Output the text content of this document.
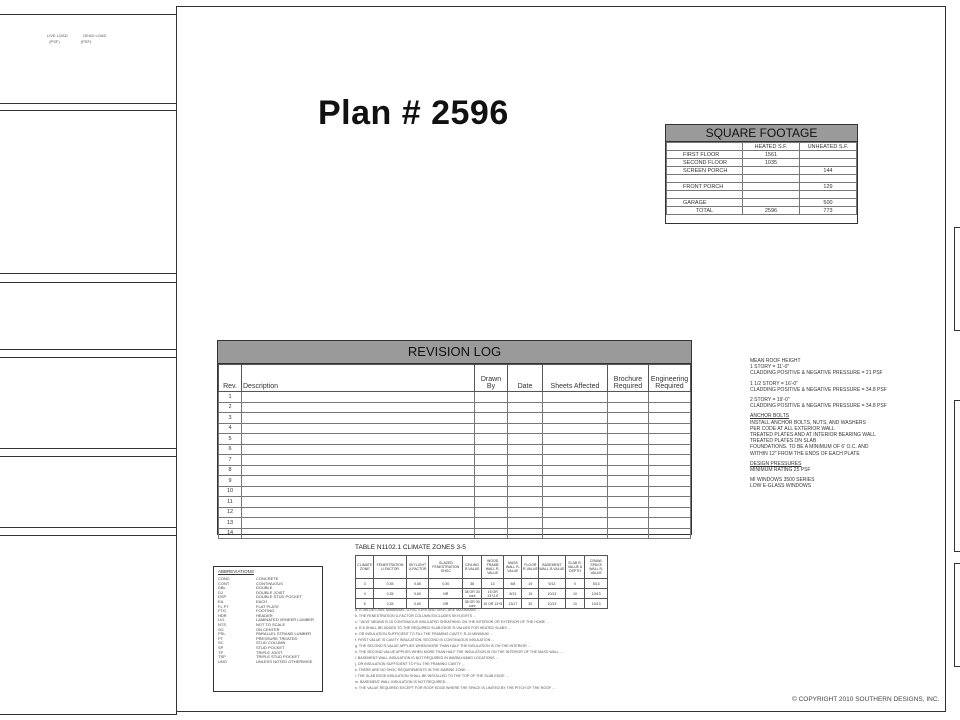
LIVE LOAD              DEAD LOAD
(PSF)                   (PSF)
Plan # 2596
SQUARE FOOTAGE
	HEATED S.F.	UNHEATED S.F.
FIRST FLOOR	1561	
SECOND FLOOR	1035	
SCREEN PORCH		144

FRONT PORCH		129

GARAGE		500
TOTAL	2596	773
REVISION LOG
Rev.	Description	Drawn By	Date	Sheets Affected	Brochure Required	Engineering Required
1						
2						
3						
4						
5						
6						
7						
8						
9						
10						
11						
12						
13						
14						
MEAN ROOF HEIGHT
1 STORY = 11'-0"
CLADDING POSITIVE & NEGATIVE PRESSURE = 21 PSF
1 1/2 STORY = 16'-0"
CLADDING POSITIVE & NEGATIVE PRESSURE = 34.8 PSF
2 STORY = 19'-0"
CLADDING POSITIVE & NEGATIVE PRESSURE = 34.8 PSF
ANCHOR BOLTS
INSTALL ANCHOR BOLTS, NUTS, AND WASHERS
PER CODE AT ALL EXTERIOR WALL
TREATED PLATES AND AT INTERIOR BEARING WALL
TREATED PLATES ON SLAB
FOUNDATIONS. TO BE A MINIMUM OF 6' O.C. AND
WITHIN 12" FROM THE ENDS OF EACH PLATE
DESIGN PRESSURES
MINIMUM RATING 25 PSF
MI WINDOWS 3500 SERIES
LOW E-GLASS WINDOWS
TABLE N1102.1 CLIMATE ZONES 3-5
CLIMATE ZONE	FENESTRATION U-FACTOR	SKYLIGHT U-FACTOR	GLAZED FENESTRATION SHGC	CEILING R-VALUE	WOOD FRAME WALL R-VALUE	MASS WALL R-VALUE	FLOOR R-VALUE	BASEMENT WALL R-VALUE	SLAB R-VALUE & DEPTH	CRAWL SPACE WALL R-VALUE
3	0.35	0.65	0.30	38	13	5/8	19	5/13	0	5/13
4	0.35	0.60	NR	38 OR 30 cont	15 OR 13+2.5	8/13	19	10/13	10	10/13
5	0.35	0.60	NR	38 OR 30 cont	19 OR 13+5	13/17	30	10/13	10	10/13
a. R-VALUES ARE MINIMUMS. U-FACTORS AND SHGC ARE MAXIMUMS ...
b. THE FENESTRATION U-FACTOR COLUMN EXCLUDES SKYLIGHTS ...
c. "15/19" MEANS R-15 CONTINUOUS INSULATED SHEATHING ON THE INTERIOR OR EXTERIOR OF THE HOME ...
d. R-5 SHALL BE ADDED TO THE REQUIRED SLAB EDGE R-VALUES FOR HEATED SLABS ...
e. OR INSULATION SUFFICIENT TO FILL THE FRAMING CAVITY, R-19 MINIMUM ...
f. FIRST VALUE IS CAVITY INSULATION, SECOND IS CONTINUOUS INSULATION ...
g. THE SECOND R-VALUE APPLIES WHEN MORE THAN HALF THE INSULATION IS ON THE INTERIOR ...
h. THE SECOND VALUE APPLIES WHEN MORE THAN HALF THE INSULATION IS ON THE INTERIOR OF THE MASS WALL ...
i. BASEMENT WALL INSULATION IS NOT REQUIRED IN WARM-HUMID LOCATIONS ...
j. OR INSULATION SUFFICIENT TO FILL THE FRAMING CAVITY ...
k. THERE ARE NO SHGC REQUIREMENTS IN THE MARINE ZONE ...
l. THE SLAB EDGE INSULATION SHALL BE INSTALLED TO THE TOP OF THE SLAB EDGE ...
m. BASEMENT WALL INSULATION IS NOT REQUIRED ...
n. THE VALUE REQUIRED EXCEPT FOR ROOF EDGE WHERE THE SPACE IS LIMITED BY THE PITCH OF THE ROOF ...
ABBREVIATIONS
CONC	CONCRETE
CONT	CONTINUOUS
DBL	DOUBLE
DJ	DOUBLE JOIST
DSP	DOUBLE STUD POCKET
EA	EACH
FL PT	FLAT PLATE
FTG	FOOTING
HDR	HEADER
LVL	LAMINATED VENEER LUMBER
NTS	NOT TO SCALE
OC	ON CENTER
PSL	PARALLEL STRAND LUMBER
PT	PRESSURE TREATED
SC	STUD COLUMN
SP	STUD POCKET
TP	TRIPLE JOIST
TSP	TRIPLE STUD POCKET
UNO	UNLESS NOTED OTHERWISE
© COPYRIGHT 2010 SOUTHERN DESIGNS, INC.
